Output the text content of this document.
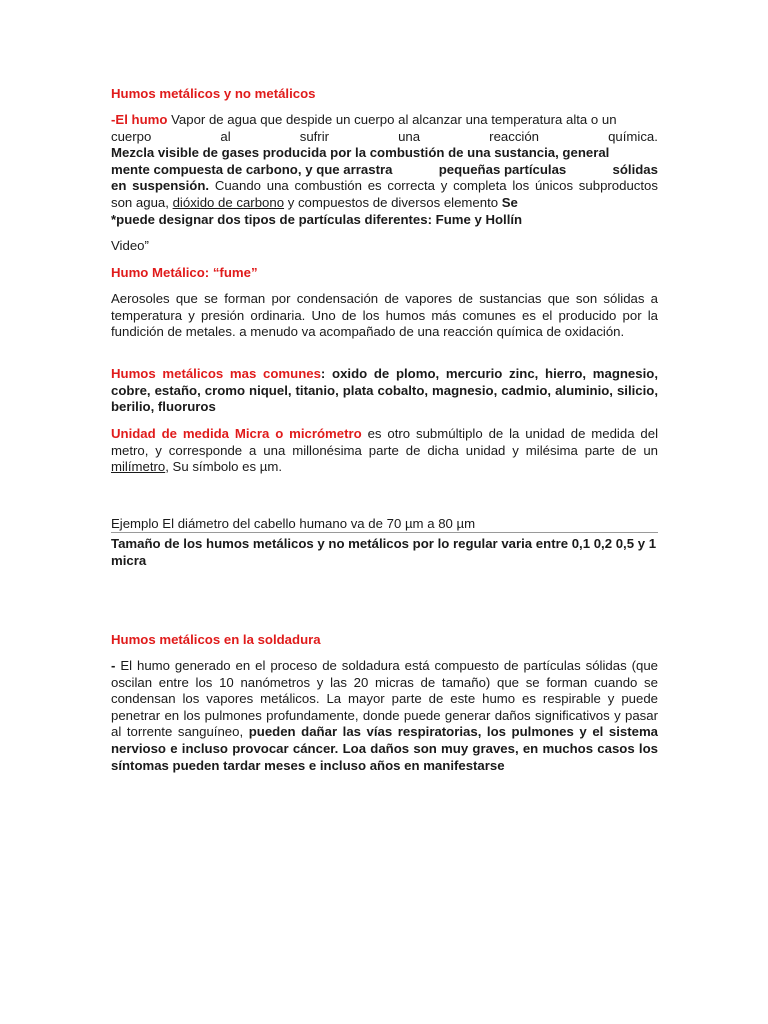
Humos metálicos y no metálicos
-El humo Vapor de agua que despide un cuerpo al alcanzar una temperatura alta o un
cuerpo	al	sufrir	una	reacción	química.
Mezcla visible de gases producida por la combustión de una sustancia, general
mente compuesta de carbono, y que arrastra	pequeñas partículas	sólidas
en suspensión. Cuando una combustión es correcta y completa los únicos subproductos son agua, dióxido de carbono y compuestos de diversos elemento Se
*puede designar dos tipos de partículas diferentes: Fume y Hollín
Video”
Humo Metálico: “fume”
Aerosoles que se forman por condensación de vapores de sustancias que son sólidas a temperatura y presión ordinaria. Uno de los humos más comunes es el producido por la fundición de metales. a menudo va acompañado de una reacción química de oxidación.
Humos metálicos mas comunes: oxido de plomo, mercurio zinc, hierro, magnesio, cobre, estaño, cromo niquel, titanio, plata cobalto, magnesio, cadmio, aluminio, silicio, berilio, fluoruros
Unidad de medida Micra o micrómetro es otro submúltiplo de la unidad de medida del metro, y corresponde a una millonésima parte de dicha unidad y milésima parte de un milímetro, Su símbolo es µm.
Ejemplo El diámetro del cabello humano va de 70 µm a 80 µm
Tamaño de los humos metálicos y no metálicos por lo regular varia entre 0,1 0,2 0,5 y 1 micra
Humos metálicos en la soldadura
- El humo generado en el proceso de soldadura está compuesto de partículas sólidas (que oscilan entre los 10 nanómetros y las 20 micras de tamaño) que se forman cuando se condensan los vapores metálicos. La mayor parte de este humo es respirable y puede penetrar en los pulmones profundamente, donde puede generar daños significativos y pasar al torrente sanguíneo, pueden dañar las vías respiratorias, los pulmones y el sistema nervioso e incluso provocar cáncer. Loa daños son muy graves, en muchos casos los síntomas pueden tardar meses e incluso años en manifestarse
